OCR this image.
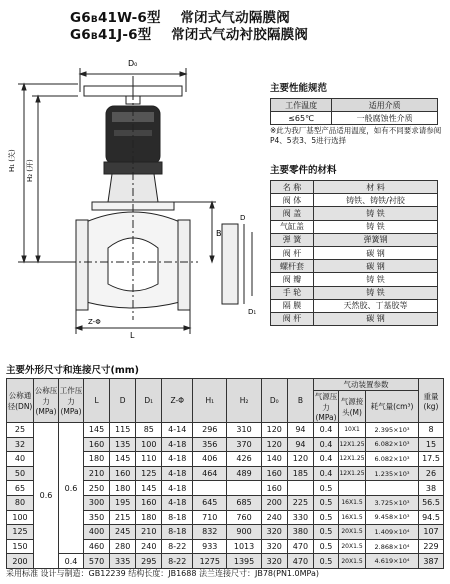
G6B41W-6型 常闭式气动隔膜阀
G6B41J-6型 常闭式气动衬胶隔膜阀
D₀
H₁ (关) H₂ (开)
Z-Φ
L
B
D
D₁
主要性能规范
工作温度	适用介质
≤65℃	一般腐蚀性介质
※此为我厂基型产品适用温度，如有不同要求请参阅P4、5表3、5进行选择
主要零件的材料
名 称	材 料
阀 体	铸铁、铸铁/衬胶
阀 盖	铸 铁
气缸盖	铸 铁
弹 簧	弹簧钢
阀 杆	碳 钢
螺杆套	碳 钢
阀 瓣	铸 铁
手 轮	铸 铁
隔 膜	天然胶、丁基胶等
阀 杆	碳 钢
主要外形尺寸和连接尺寸(mm)
公称通径(DN)	公称压力(MPa)	工作压力(MPa)	L	D	D₁	Z-Φ	H₁	H₂	D₀	B	气动装置参数			重量(kg)
											气源压力(MPa)	气源接头(M)	耗气量(cm³)	
25	0.6	0.6	145	115	85	4-14	296	310	120	94	0.4	10X1	2.395×10³	8
32			160	135	100	4-18	356	370	120	94	0.4	12X1.25	6.082×10³	15
40			180	145	110	4-18	406	426	140	120	0.4	12X1.25	6.082×10³	17.5
50			210	160	125	4-18	464	489	160	185	0.4	12X1.25	1.235×10³	26
65			250	180	145	4-18			160		0.5			38
80			300	195	160	4-18	645	685	200	225	0.5	16X1.5	3.725×10³	56.5
100			350	215	180	8-18	710	760	240	330	0.5	16X1.5	9.458×10³	94.5
125			400	245	210	8-18	832	900	320	380	0.5	20X1.5	1.409×10⁴	107
150			460	280	240	8-22	933	1013	320	470	0.5	20X1.5	2.868×10⁴	229
200		0.4	570	335	295	8-22	1275	1395	320	470	0.5	20X1.5	4.619×10⁴	387
采用标准 设计与制造：GB12239 结构长度：JB1688 法兰连接尺寸：JB78(PN1.0MPa)
